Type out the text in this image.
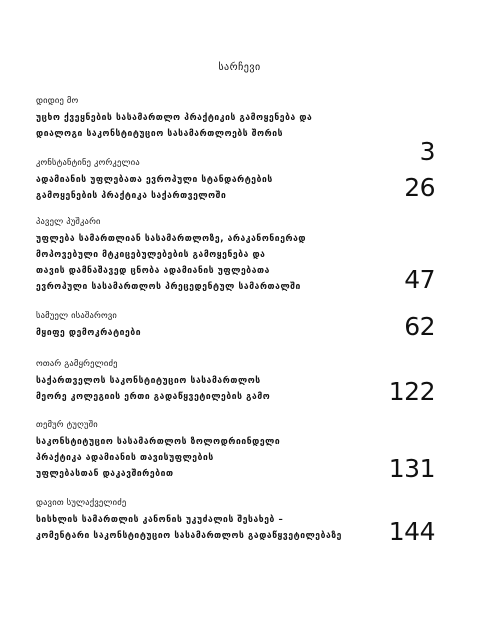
სარჩევი
დიდიე მო
უცხო ქვეყნების სასამართლო პრაქტიკის გამოყენება და
დიალოგი საკონსტიტუციო სასამართლოებს შორის
3
კონსტანტინე კორკელია
ადამიანის უფლებათა ევროპული სტანდარტების
გამოყენების პრაქტიკა საქართველოში	26
პაველ პუშკარი
უფლება სამართლიან სასამართლოზე, არაკანონიერად
მოპოვებული მტკიცებულებების გამოყენება და
თავის დამნაშავედ ცნობა ადამიანის უფლებათა
ევროპული სასამართლოს პრეცედენტულ სამართალში	47
სამუელ ისაშაროვი
მყიფე დემოკრატიები	62
ოთარ გამყრელიძე
საქართველოს საკონსტიტუციო სასამართლოს
მეორე კოლეგიის ერთი გადაწყვეტილების გამო	122
თემურ ტუღუში
საკონსტიტუციო სასამართლოს ზოლოდრიინდელი
პრაქტიკა ადამიანის თავისუფლების
უფლებასთან დაკავშირებით	131
დავით სულაქველიძე
სისხლის სამართლის კანონის უკუძალის შესახებ –
კომენტარი საკონსტიტუციო სასამართლოს გადაწყვეტილებაზე	144
